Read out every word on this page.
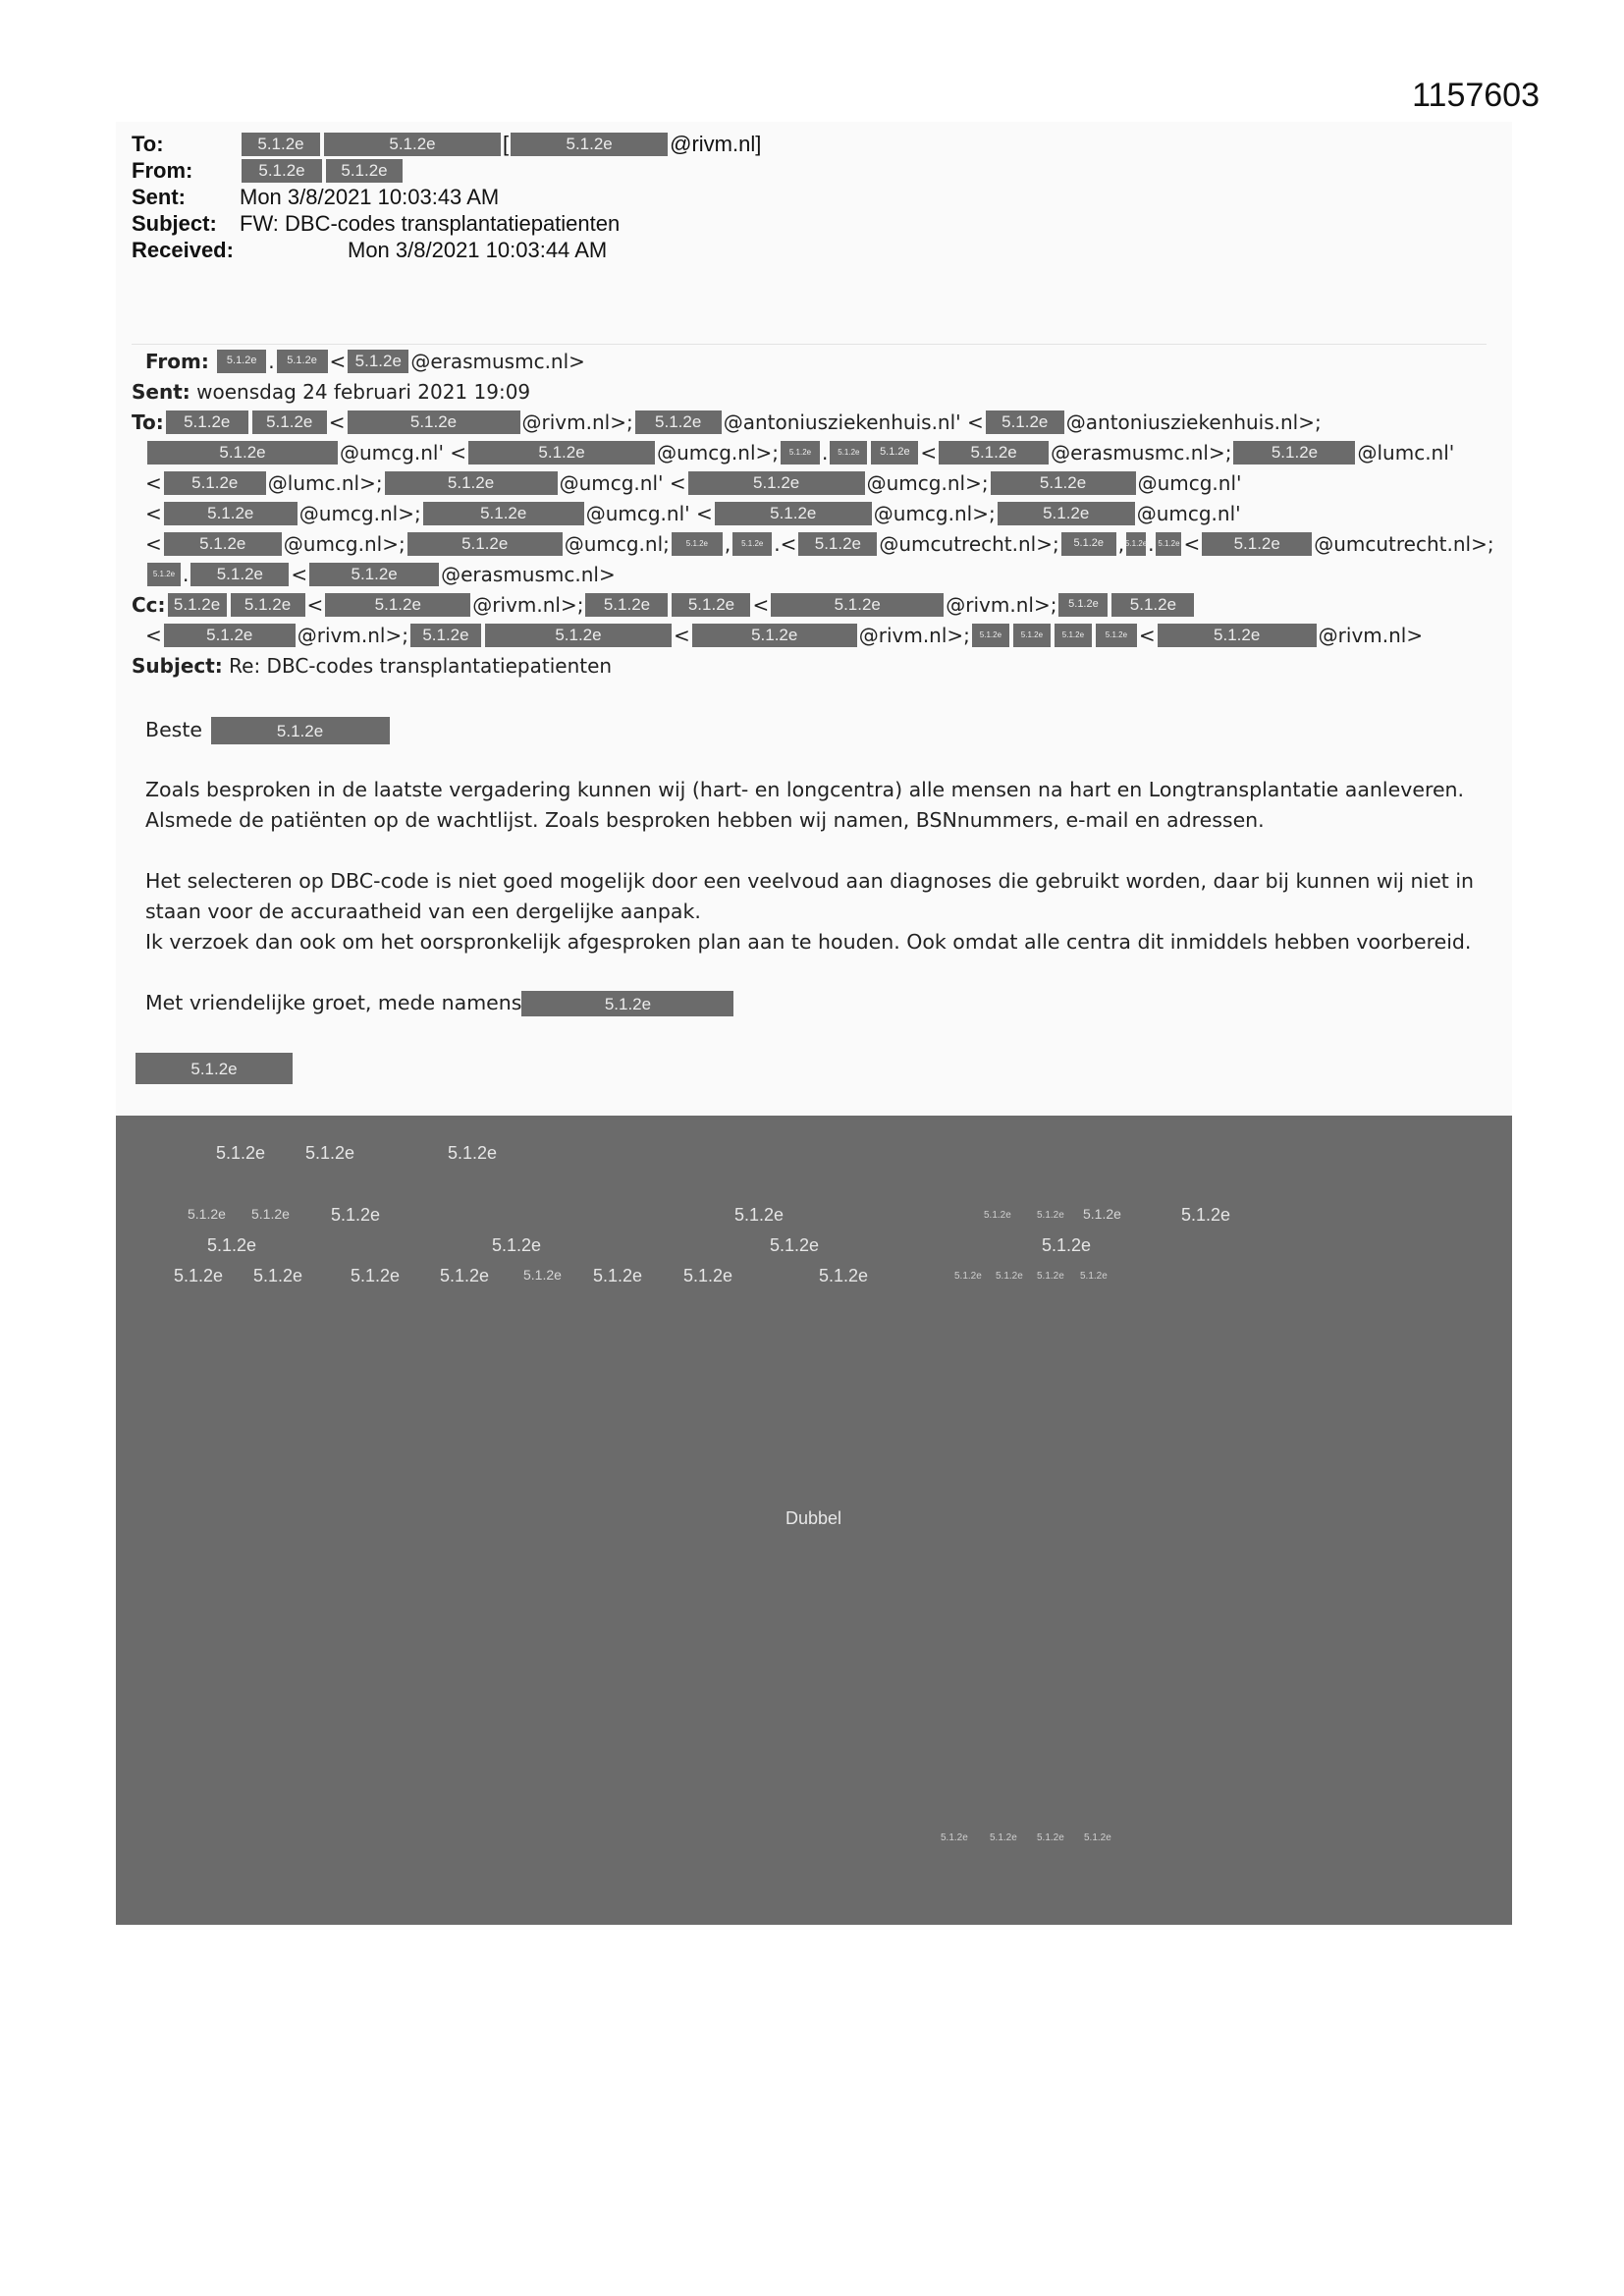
1157603
To:	5.1.2e	5.1.2e	[	5.1.2e	@rivm.nl]
From:	5.1.2e	5.1.2e
Sent:	Mon 3/8/2021 10:03:43 AM
Subject:	FW: DBC-codes transplantatiepatienten
Received:	Mon 3/8/2021 10:03:44 AM
From:
	5.1.2e .	5.1.2e < 5.1.2e @erasmusmc.nl>
Sent:
woensdag 24 februari 2021 19:09
To:	5.1.2e	5.1.2e <	5.1.2e	@rivm.nl>;	5.1.2e	@antoniusziekenhuis.nl' <	5.1.2e @antoniusziekenhuis.nl>;
5.1.2e	@umcg.nl' <	5.1.2e	@umcg.nl>;	5.1.2e .	5.1.2e	5.1.2e <	5.1.2e	@erasmusmc.nl>;	5.1.2e	@lumc.nl'
<	5.1.2e	@lumc.nl>;	5.1.2e	@umcg.nl' <	5.1.2e	@umcg.nl>;	5.1.2e	@umcg.nl'
<	5.1.2e	@umcg.nl>;	5.1.2e	@umcg.nl' <	5.1.2e	@umcg.nl>;	5.1.2e	@umcg.nl'
<	5.1.2e	@umcg.nl>;	5.1.2e	@umcg.nl;	5.1.2e ,	5.1.2e .<	5.1.2e @umcutrecht.nl>;	5.1.2e , 5.1.2e . 5.1.2e <	5.1.2e	@umcutrecht.nl>;
5.1.2e .	5.1.2e	<	5.1.2e	@erasmusmc.nl>
Cc: 5.1.2e	5.1.2e <	5.1.2e	@rivm.nl>;	5.1.2e	5.1.2e <	5.1.2e	@rivm.nl>;	5.1.2e	5.1.2e
<	5.1.2e	@rivm.nl>; 5.1.2e	5.1.2e	<	5.1.2e	@rivm.nl>;	5.1.2e	5.1.2e	5.1.2e	5.1.2e <	5.1.2e	@rivm.nl>
Subject:
Re: DBC-codes transplantatiepatienten
Beste	5.1.2e
Zoals besproken in de laatste vergadering kunnen wij (hart- en longcentra) alle mensen na hart en Longtransplantatie aanleveren.
Alsmede de patiënten op de wachtlijst. Zoals besproken hebben wij namen, BSNnummers, e-mail en adressen.
Het selecteren op DBC-code is niet goed mogelijk door een veelvoud aan diagnoses die gebruikt worden, daar bij kunnen wij niet in
staan voor de accuraatheid van een dergelijke aanpak.
Ik verzoek dan ook om het oorspronkelijk afgesproken plan aan te houden. Ook omdat alle centra dit inmiddels hebben voorbereid.
Met vriendelijke groet, mede namens	5.1.2e
5.1.2e
5.1.2e 5.1.2e	5.1.2e
5.1.2e 5.1.2e 5.1.2e	5.1.2e	5.1.2e	5.1.2e 5.1.2e	5.1.2e
5.1.2e	5.1.2e	5.1.2e	5.1.2e
5.1.2e 5.1.2e	5.1.2e 5.1.2e 5.1.2e 5.1.2e 5.1.2e	5.1.2e	5.1.2e 5.1.2e 5.1.2e 5.1.2e
Dubbel
5.1.2e 5.1.2e 5.1.2e 5.1.2e
